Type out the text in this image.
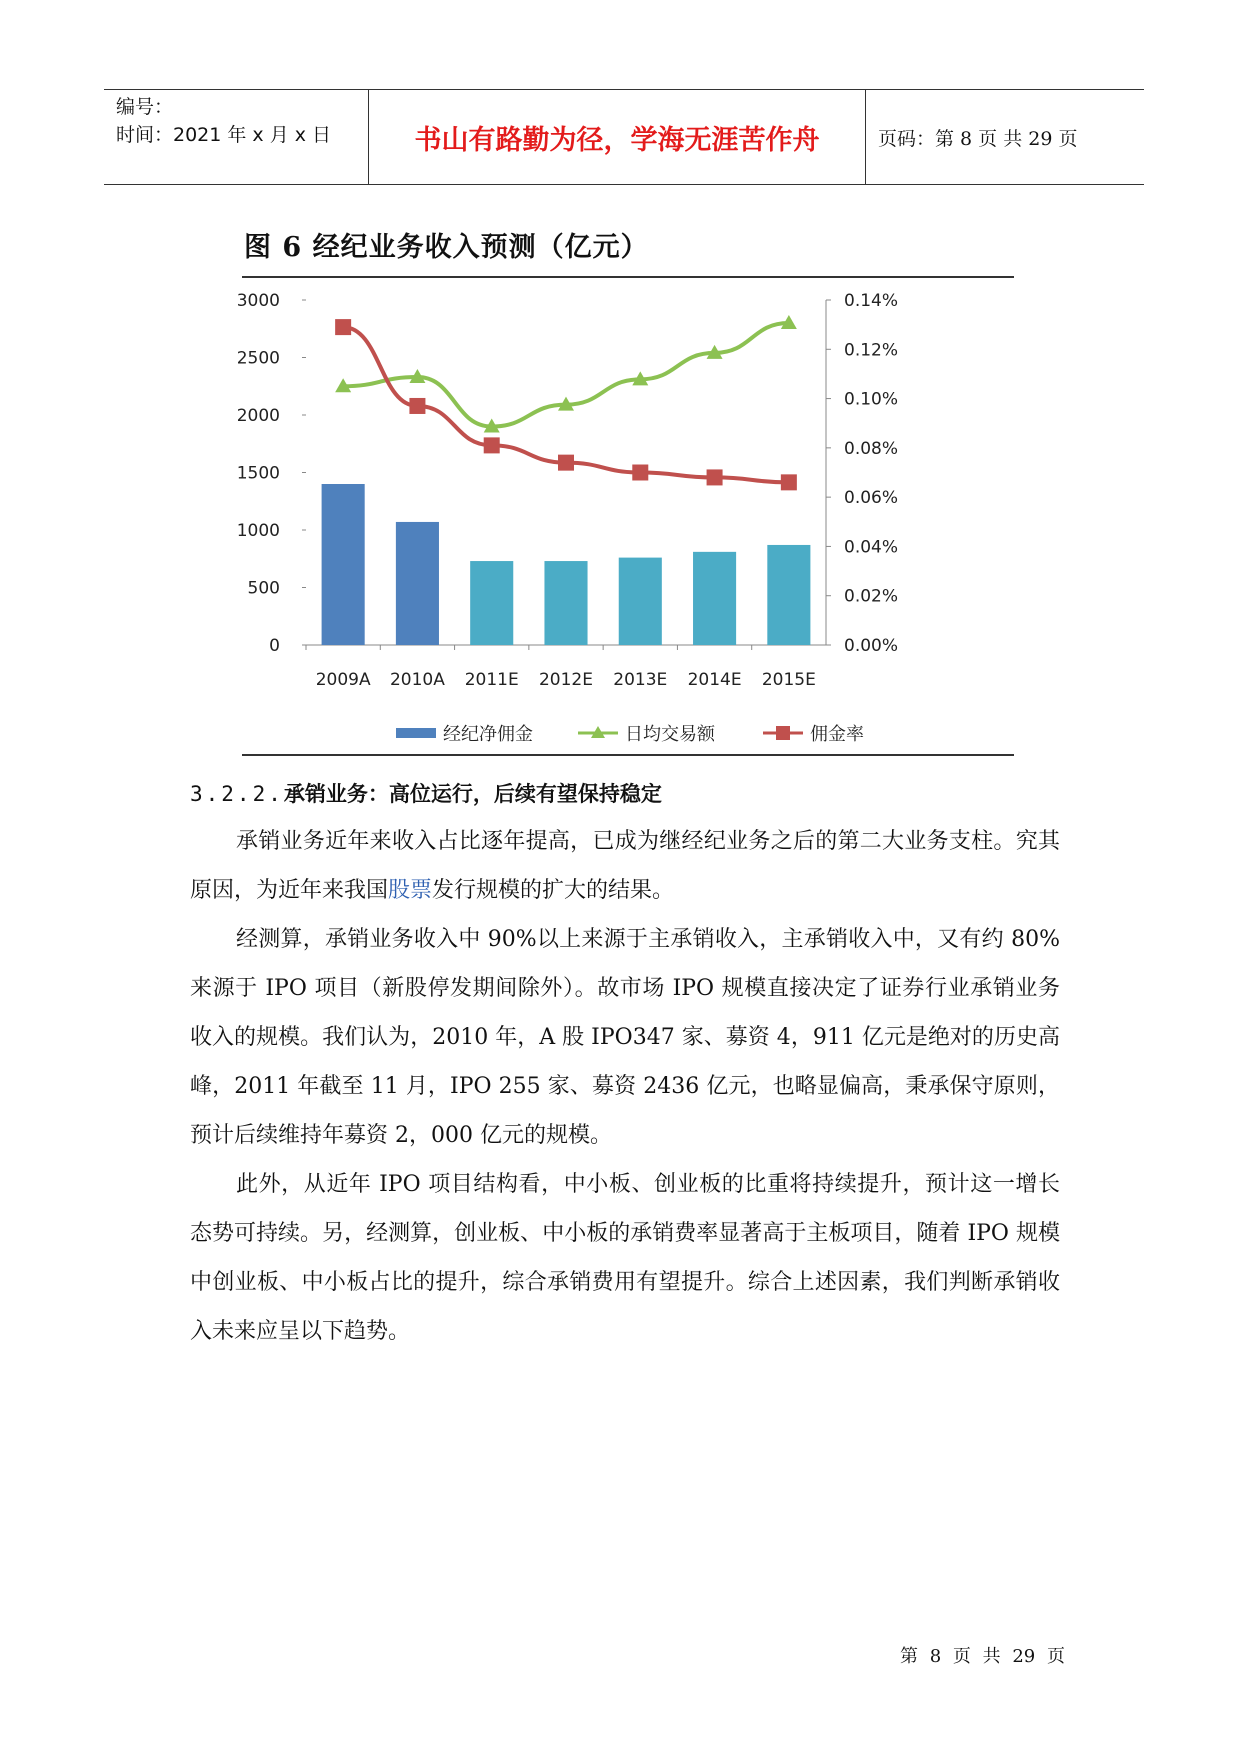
编号：
时间：2021 年 x 月 x 日	书山有路勤为径，学海无涯苦作舟	页码：第 8 页 共 29 页
图 6 经纪业务收入预测（亿元）
0
500
1000
1500
2000
2500
3000
0.00%
0.02%
0.04%
0.06%
0.08%
0.10%
0.12%
0.14%
2009A 2010A 2011E 2012E 2013E 2014E 2015E
经纪净佣金	日均交易额	佣金率
3.2.2.承销业务：高位运行，后续有望保持稳定

承销业务近年来收入占比逐年提高，已成为继经纪业务之后的第二大业务支柱。究其原因，为近年来我国股票发行规模的扩大的结果。

经测算，承销业务收入中 90%以上来源于主承销收入，主承销收入中，又有约 80%来源于 IPO 项目（新股停发期间除外）。故市场 IPO 规模直接决定了证券行业承销业务收入的规模。我们认为，2010 年，A 股 IPO347 家、募资 4，911 亿元是绝对的历史高峰，2011 年截至 11 月，IPO 255 家、募资 2436 亿元，也略显偏高，秉承保守原则，预计后续维持年募资 2，000 亿元的规模。

此外，从近年 IPO 项目结构看，中小板、创业板的比重将持续提升，预计这一增长态势可持续。另，经测算，创业板、中小板的承销费率显著高于主板项目，随着 IPO 规模中创业板、中小板占比的提升，综合承销费用有望提升。综合上述因素，我们判断承销收入未来应呈以下趋势。

第 8 页 共 29 页
